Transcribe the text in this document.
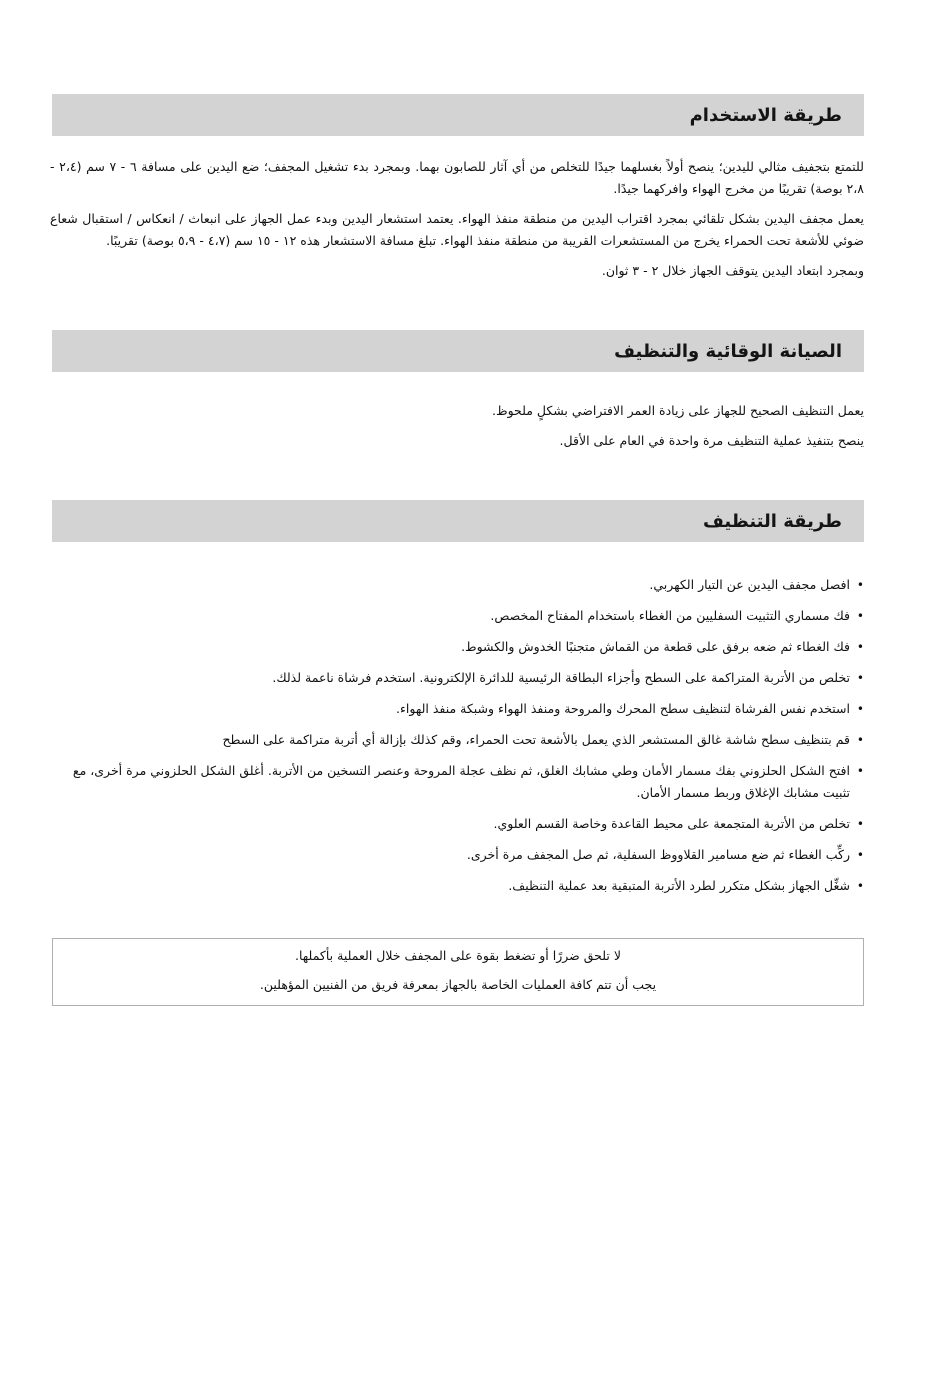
طريقة الاستخدام

للتمتع بتجفيف مثالي لليدين؛ ينصح أولاً بغسلهما جيدًا للتخلص من أي آثار للصابون بهما. وبمجرد بدء تشغيل المجفف؛ ضع اليدين على مسافة ٦ - ٧ سم (٢،٤ - ٢،٨ بوصة) تقريبًا من مخرج الهواء وافركهما جيدًا.

يعمل مجفف اليدين بشكل تلقائي بمجرد اقتراب اليدين من منطقة منفذ الهواء. يعتمد استشعار اليدين وبدء عمل الجهاز على انبعاث / انعكاس / استقبال شعاع ضوئي للأشعة تحت الحمراء يخرج من المستشعرات القريبة من منطقة منفذ الهواء. تبلغ مسافة الاستشعار هذه ١٢ - ١٥ سم (٤،٧ - ٥،٩ بوصة) تقريبًا.

وبمجرد ابتعاد اليدين يتوقف الجهاز خلال ٢ - ٣ ثوان.

الصيانة الوقائية والتنظيف

يعمل التنظيف الصحيح للجهاز على زيادة العمر الافتراضي بشكلٍ ملحوظ.

ينصح بتنفيذ عملية التنظيف مرة واحدة في العام على الأقل.

طريقة التنظيف
•
افصل مجفف اليدين عن التيار الكهربي.
•
فك مسماري التثبيت السفليين من الغطاء باستخدام المفتاح المخصص.
•
فك الغطاء ثم ضعه برفق على قطعة من القماش متجنبًا الخدوش والكشوط.
•
تخلص من الأتربة المتراكمة على السطح وأجزاء البطاقة الرئيسية للدائرة الإلكترونية. استخدم فرشاة ناعمة لذلك.
•
استخدم نفس الفرشاة لتنظيف سطح المحرك والمروحة ومنفذ الهواء وشبكة منفذ الهواء.
•
قم بتنظيف سطح شاشة غالق المستشعر الذي يعمل بالأشعة تحت الحمراء، وقم كذلك بإزالة أي أتربة متراكمة على السطح
•
افتح الشكل الحلزوني بفك مسمار الأمان وطي مشابك الغلق، ثم نظف عجلة المروحة وعنصر التسخين من الأتربة. أغلق الشكل الحلزوني مرة أخرى، مع تثبيت مشابك الإغلاق وربط مسمار الأمان.
•
تخلص من الأتربة المتجمعة على محيط القاعدة وخاصة القسم العلوي.
•
ركِّب الغطاء ثم ضع مسامير القلاووظ السفلية، ثم صل المجفف مرة أخرى.
•
شغِّل الجهاز بشكل متكرر لطرد الأتربة المتبقية بعد عملية التنظيف.

لا تلحق ضررًا أو تضغط بقوة على المجفف خلال العملية بأكملها.

يجب أن تتم كافة العمليات الخاصة بالجهاز بمعرفة فريق من الفنيين المؤهلين.
